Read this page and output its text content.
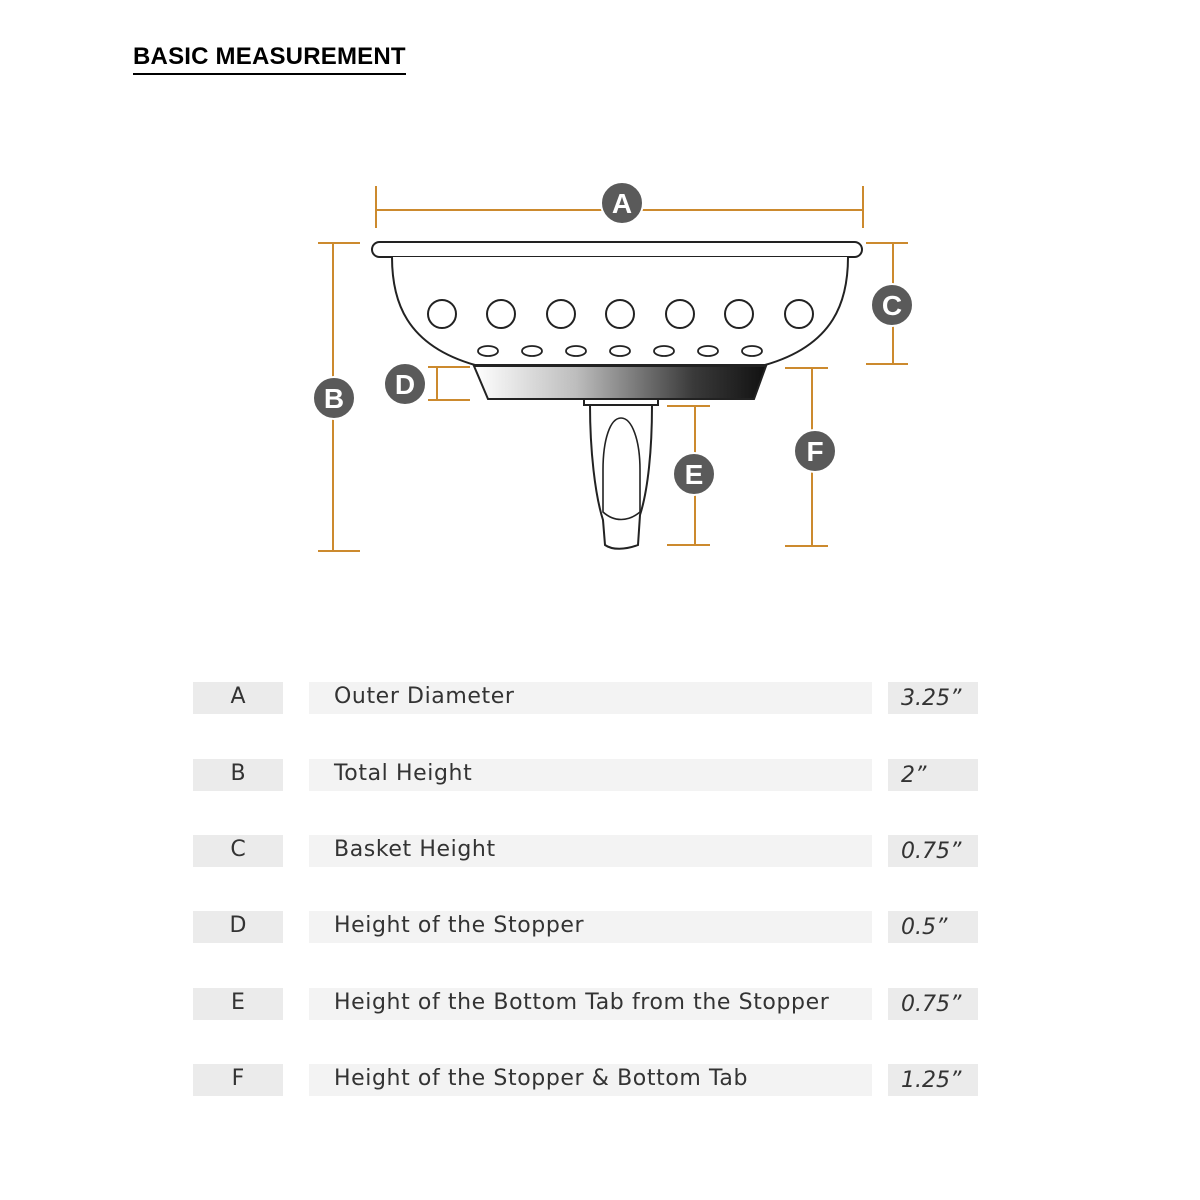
BASIC MEASUREMENT
A
B
C
D
E
F
A	Outer Diameter	3.25”
B	Total Height	2”
C	Basket Height	0.75”
D	Height of the Stopper	0.5”
E	Height of the Bottom Tab from the Stopper	0.75”
F	Height of the Stopper & Bottom Tab	1.25”
